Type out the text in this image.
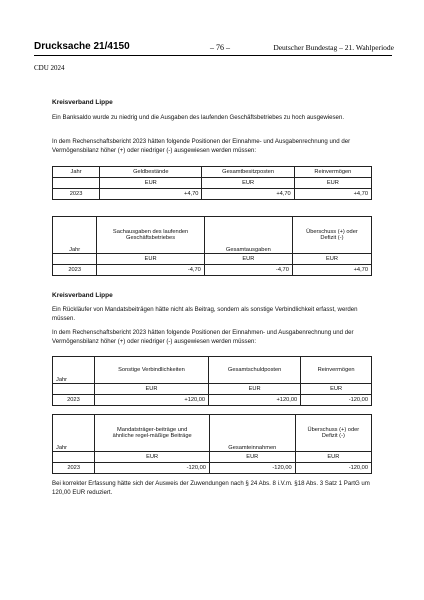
Drucksache 21/4150	– 76 –	Deutscher Bundestag – 21. Wahlperiode
CDU 2024
Kreisverband Lippe
Ein Banksaldo wurde zu niedrig und die Ausgaben des laufenden Geschäftsbetriebes zu hoch ausgewiesen.
In dem Rechenschaftsbericht 2023 hätten folgende Positionen der Einnahme- und Ausgabenrechnung und der Vermögensbilanz höher (+) oder niedriger (-) ausgewiesen werden müssen:
Jahr	Geldbestände	Gesamtbesitzposten	Reinvermögen
	EUR	EUR	EUR
2023	+4,70	+4,70	+4,70
Jahr	Sachausgaben des laufenden Geschäftsbetriebes	Gesamtausgaben	Überschuss (+) oder Defizit (-)
	EUR	EUR	EUR
2023	-4,70	-4,70	+4,70
Kreisverband Lippe
Ein Rückläufer von Mandatsbeiträgen hätte nicht als Beitrag, sondern als sonstige Verbindlichkeit erfasst, werden müssen.
In dem Rechenschaftsbericht 2023 hätten folgende Positionen der Einnahmen- und Ausgabenrechnung und der Vermögensbilanz höher (+) oder niedriger (-) ausgewiesen werden müssen:
Jahr	Sonstige Verbindlichkeiten	Gesamtschuldposten	Reinvermögen
	EUR	EUR	EUR
2023	+120,00	+120,00	-120,00
Jahr	Mandatsträger-beiträge und ähnliche regel-mäßige Beiträge	Gesamteinnahmen	Überschuss (+) oder Defizit (-)
	EUR	EUR	EUR
2023	-120,00	-120,00	-120,00
Bei korrekter Erfassung hätte sich der Ausweis der Zuwendungen nach § 24 Abs. 8 i.V.m. §18 Abs. 3 Satz 1 PartG um 120,00 EUR reduziert.
